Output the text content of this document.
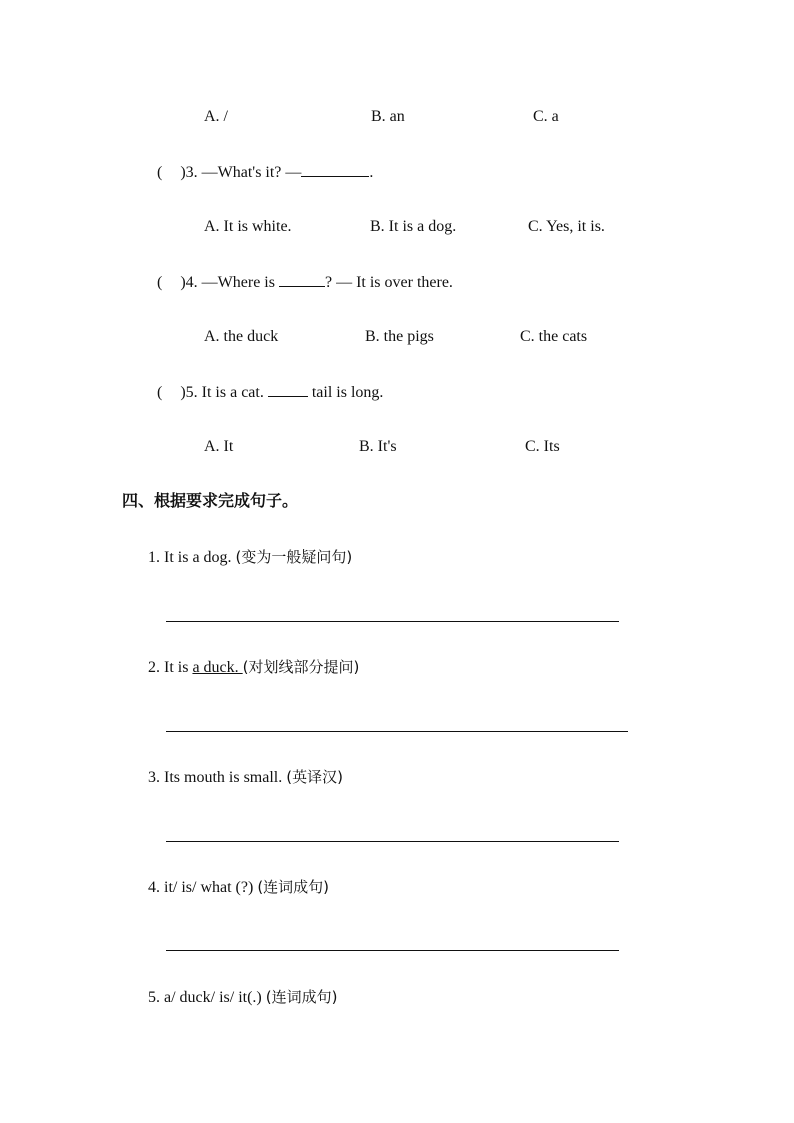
A. /	B. an	C. a
( )3. —What's it? —	.
A. It is white.	B. It is a dog.	C. Yes, it is.
( )4. —Where is	? — It is over there.
A. the duck	B. the pigs	C. the cats
( )5. It is a cat.	tail is long.
A. It	B. It's	C. Its
四、根据要求完成句子。
1. It is a dog. (变为一般疑问句)
2. It is a duck. (对划线部分提问)
3. Its mouth is small. (英译汉)
4. it/ is/ what (?) (连词成句)
5. a/ duck/ is/ it(.) (连词成句)
